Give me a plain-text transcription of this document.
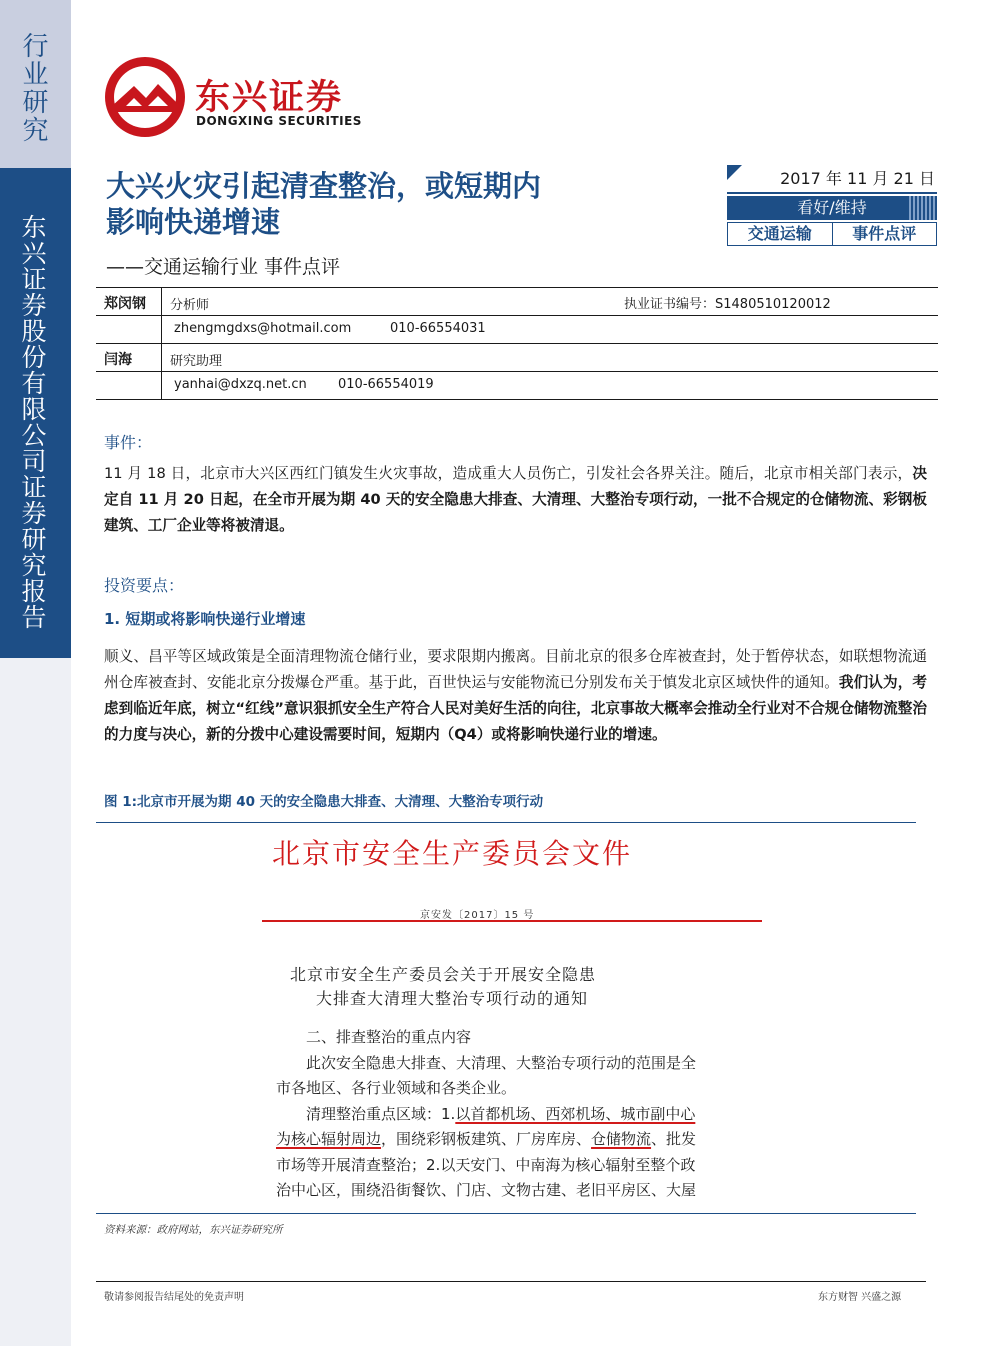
行业研究
东兴证券股份有限公司证券研究报告
东兴证券
DONGXING SECURITIES
大兴火灾引起清查整治，或短期内
影响快递增速
——交通运输行业 事件点评
2017 年 11 月 21 日
看好/维持
交通运输	事件点评
郑闵钢 分析师	执业证书编号：S1480510120012
zhengmgdxs@hotmail.com	010-66554031
闫海	研究助理
yanhai@dxzq.net.cn 010-66554019
事件：
11 月 18 日，北京市大兴区西红门镇发生火灾事故，造成重大人员伤亡，引发社会各界关注。随后，北京市相关部门表示，决定自 11 月 20 日起，在全市开展为期 40 天的安全隐患大排查、大清理、大整治专项行动，一批不合规定的仓储物流、彩钢板建筑、工厂企业等将被清退。
投资要点：
1. 短期或将影响快递行业增速
顺义、昌平等区域政策是全面清理物流仓储行业，要求限期内搬离。目前北京的很多仓库被查封，处于暂停状态，如联想物流通州仓库被查封、安能北京分拨爆仓严重。基于此，百世快运与安能物流已分别发布关于慎发北京区域快件的通知。我们认为，考虑到临近年底，树立“红线”意识狠抓安全生产符合人民对美好生活的向往，北京事故大概率会推动全行业对不合规仓储物流整治的力度与决心，新的分拨中心建设需要时间，短期内（Q4）或将影响快递行业的增速。
图 1:北京市开展为期 40 天的安全隐患大排查、大清理、大整治专项行动
北京市安全生产委员会文件
京安发〔2017〕15 号
北京市安全生产委员会关于开展安全隐患
大排查大清理大整治专项行动的通知

二、排查整治的重点内容

此次安全隐患大排查、大清理、大整治专项行动的范围是全

市各地区、各行业领域和各类企业。

清理整治重点区域：1.以首都机场、西郊机场、城市副中心

为核心辐射周边，围绕彩钢板建筑、厂房库房、仓储物流、批发

市场等开展清查整治；2.以天安门、中南海为核心辐射至整个政

治中心区，围绕沿街餐饮、门店、文物古建、老旧平房区、大屋

资料来源：政府网站，东兴证券研究所
敬请参阅报告结尾处的免责声明	东方财智 兴盛之源
